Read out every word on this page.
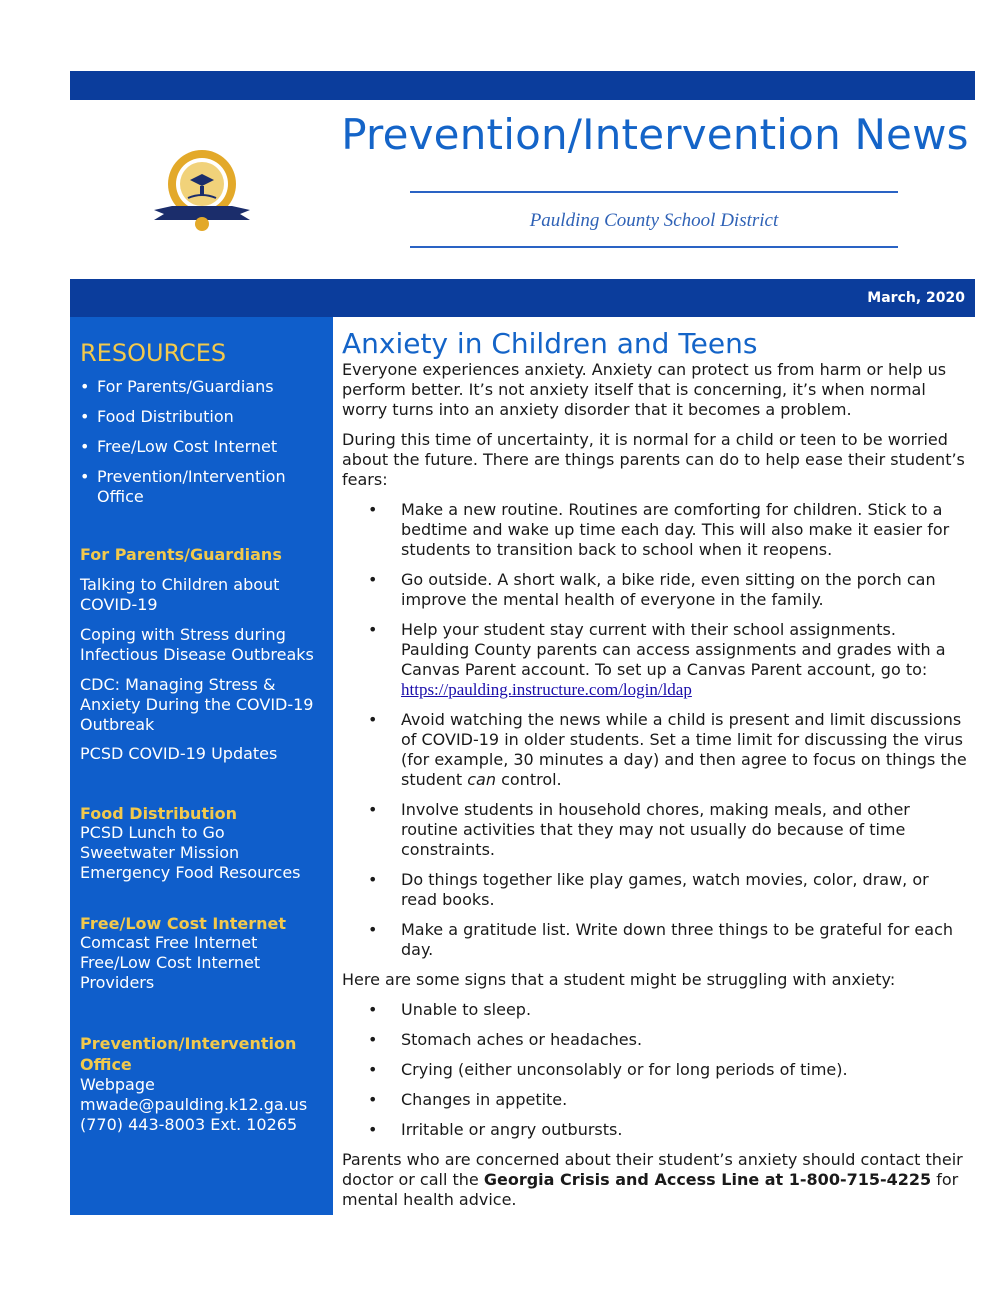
Prevention/Intervention News
Paulding County School District
March, 2020
RESOURCES
• For Parents/Guardians
• Food Distribution
• Free/Low Cost Internet
• Prevention/Intervention Office
For Parents/Guardians
Talking to Children about COVID-19
Coping with Stress during Infectious Disease Outbreaks
CDC: Managing Stress & Anxiety During the COVID-19 Outbreak
PCSD COVID-19 Updates
Food Distribution
PCSD Lunch to Go
Sweetwater Mission
Emergency Food Resources
Free/Low Cost Internet
Comcast Free Internet
Free/Low Cost Internet Providers
Prevention/Intervention Office
Webpage
mwade@paulding.k12.ga.us
(770) 443-8003 Ext. 10265
Anxiety in Children and Teens

Everyone experiences anxiety. Anxiety can protect us from harm or help us perform better. It’s not anxiety itself that is concerning, it’s when normal worry turns into an anxiety disorder that it becomes a problem.

During this time of uncertainty, it is normal for a child or teen to be worried about the future. There are things parents can do to help ease their student’s fears:

• Make a new routine. Routines are comforting for children. Stick to a bedtime and wake up time each day. This will also make it easier for students to transition back to school when it reopens.
• Go outside. A short walk, a bike ride, even sitting on the porch can improve the mental health of everyone in the family.
• Help your student stay current with their school assignments. Paulding County parents can access assignments and grades with a Canvas Parent account. To set up a Canvas Parent account, go to:
https://paulding.instructure.com/login/ldap
• Avoid watching the news while a child is present and limit discussions of COVID-19 in older students. Set a time limit for discussing the virus (for example, 30 minutes a day) and then agree to focus on things the student can control.
• Involve students in household chores, making meals, and other routine activities that they may not usually do because of time constraints.
• Do things together like play games, watch movies, color, draw, or read books.
• Make a gratitude list. Write down three things to be grateful for each day.

Here are some signs that a student might be struggling with anxiety:

• Unable to sleep.
• Stomach aches or headaches.
• Crying (either unconsolably or for long periods of time).
• Changes in appetite.
• Irritable or angry outbursts.

Parents who are concerned about their student’s anxiety should contact their doctor or call the Georgia Crisis and Access Line at 1-800-715-4225 for mental health advice.
